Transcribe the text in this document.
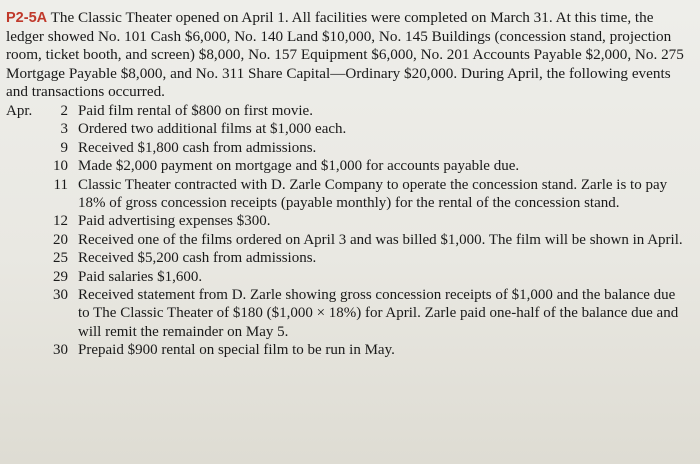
P2-5A The Classic Theater opened on April 1. All facilities were completed on March 31. At this time, the ledger showed No. 101 Cash $6,000, No. 140 Land $10,000, No. 145 Buildings (concession stand, projection room, ticket booth, and screen) $8,000, No. 157 Equipment $6,000, No. 201 Accounts Payable $2,000, No. 275 Mortgage Payable $8,000, and No. 311 Share Capital—Ordinary $20,000. During April, the following events and transactions occurred.

Apr.	2 Paid film rental of $800 on first movie.
3 Ordered two additional films at $1,000 each.
9 Received $1,800 cash from admissions.
10 Made $2,000 payment on mortgage and $1,000 for accounts payable due.
11 Classic Theater contracted with D. Zarle Company to operate the concession stand. Zarle is to pay 18% of gross concession receipts (payable monthly) for the rental of the concession stand.
12 Paid advertising expenses $300.
20 Received one of the films ordered on April 3 and was billed $1,000. The film will be shown in April.
25 Received $5,200 cash from admissions.
29 Paid salaries $1,600.
30 Received statement from D. Zarle showing gross concession receipts of $1,000 and the balance due to The Classic Theater of $180 ($1,000 × 18%) for April. Zarle paid one-half of the balance due and will remit the remainder on May 5.
30 Prepaid $900 rental on special film to be run in May.
